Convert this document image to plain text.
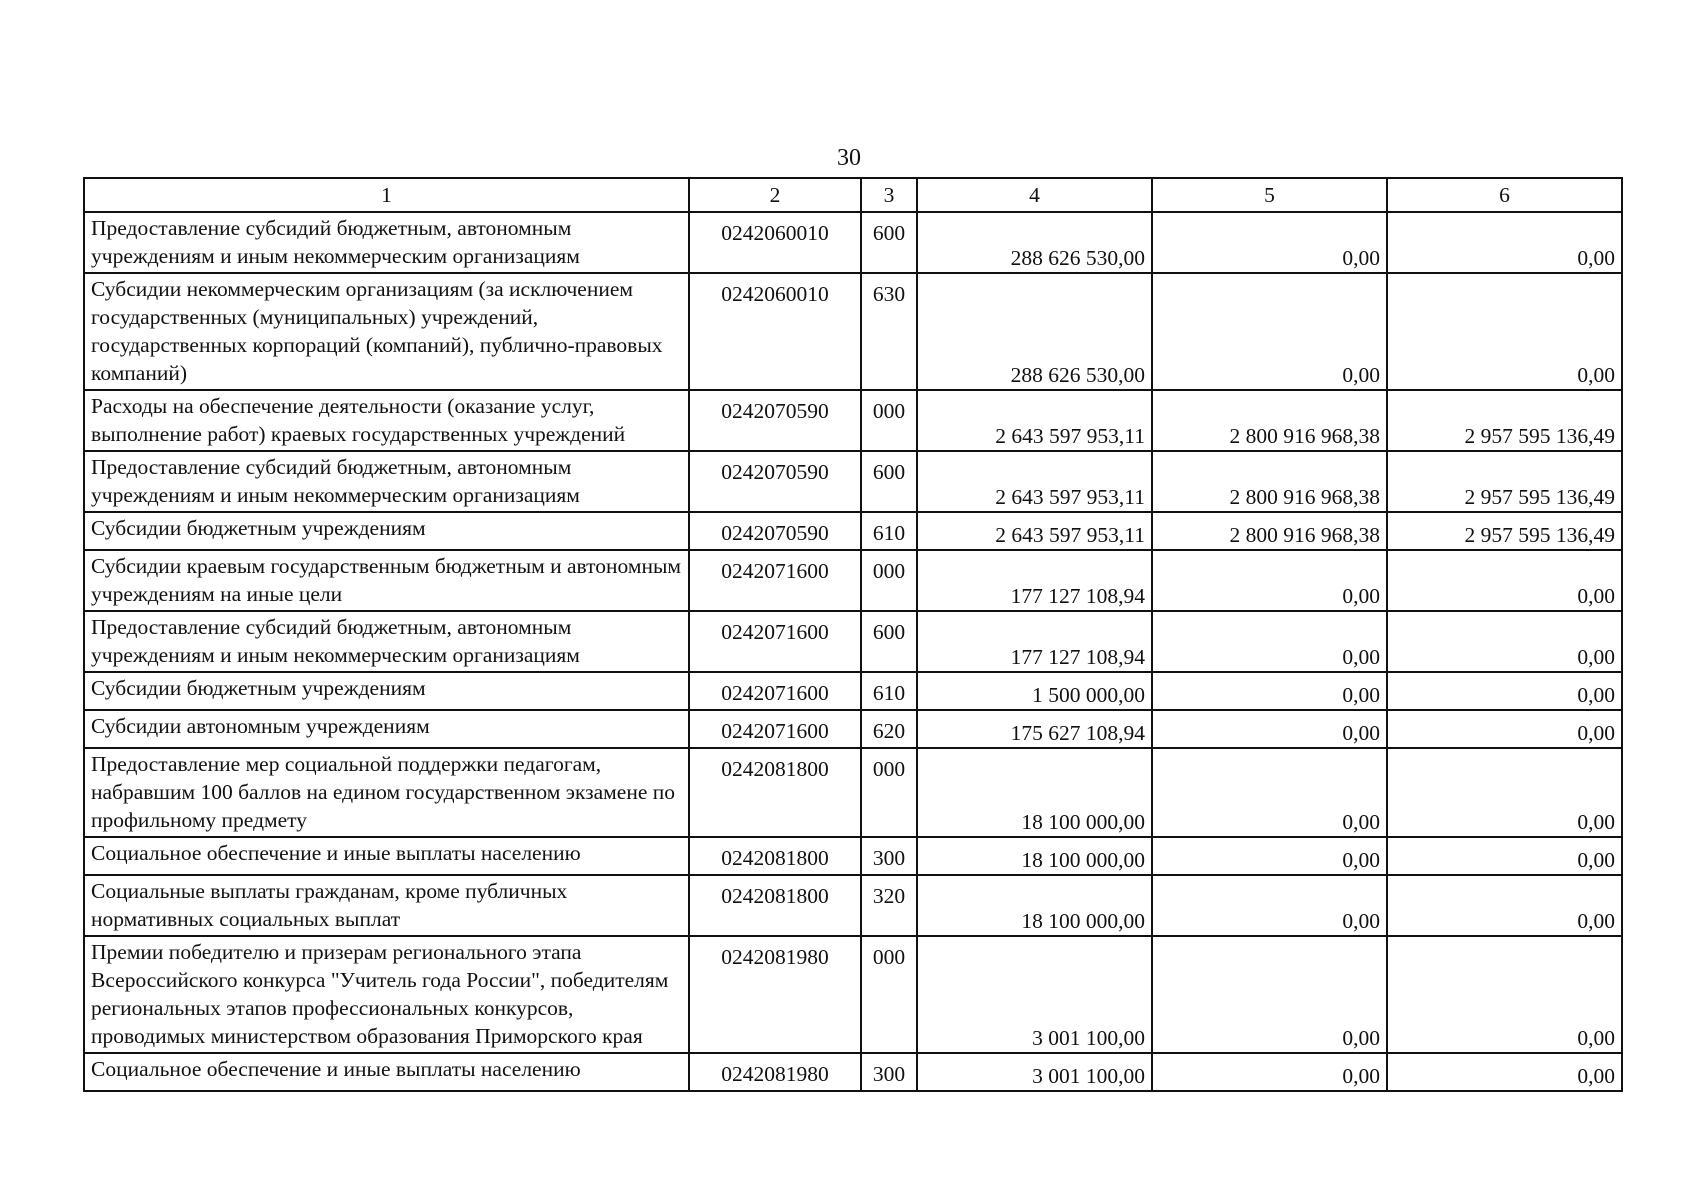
30
1	2	3	4	5	6
Предоставление субсидий бюджетным, автономным учреждениям и иным некоммерческим организациям	0242060010	600	288 626 530,00	0,00	0,00
Субсидии некоммерческим организациям (за исключением государственных (муниципальных) учреждений, государственных корпораций (компаний), публично-правовых компаний)	0242060010	630	288 626 530,00	0,00	0,00
Расходы на обеспечение деятельности (оказание услуг, выполнение работ) краевых государственных учреждений	0242070590	000	2 643 597 953,11	2 800 916 968,38	2 957 595 136,49
Предоставление субсидий бюджетным, автономным учреждениям и иным некоммерческим организациям	0242070590	600	2 643 597 953,11	2 800 916 968,38	2 957 595 136,49
Субсидии бюджетным учреждениям	0242070590	610	2 643 597 953,11	2 800 916 968,38	2 957 595 136,49
Субсидии краевым государственным бюджетным и автономным учреждениям на иные цели	0242071600	000	177 127 108,94	0,00	0,00
Предоставление субсидий бюджетным, автономным учреждениям и иным некоммерческим организациям	0242071600	600	177 127 108,94	0,00	0,00
Субсидии бюджетным учреждениям	0242071600	610	1 500 000,00	0,00	0,00
Субсидии автономным учреждениям	0242071600	620	175 627 108,94	0,00	0,00
Предоставление мер социальной поддержки педагогам, набравшим 100 баллов на едином государственном экзамене по профильному предмету	0242081800	000	18 100 000,00	0,00	0,00
Социальное обеспечение и иные выплаты населению	0242081800	300	18 100 000,00	0,00	0,00
Социальные выплаты гражданам, кроме публичных нормативных социальных выплат	0242081800	320	18 100 000,00	0,00	0,00
Премии победителю и призерам регионального этапа Всероссийского конкурса "Учитель года России", победителям региональных этапов профессиональных конкурсов, проводимых министерством образования Приморского края	0242081980	000	3 001 100,00	0,00	0,00
Социальное обеспечение и иные выплаты населению	0242081980	300	3 001 100,00	0,00	0,00
